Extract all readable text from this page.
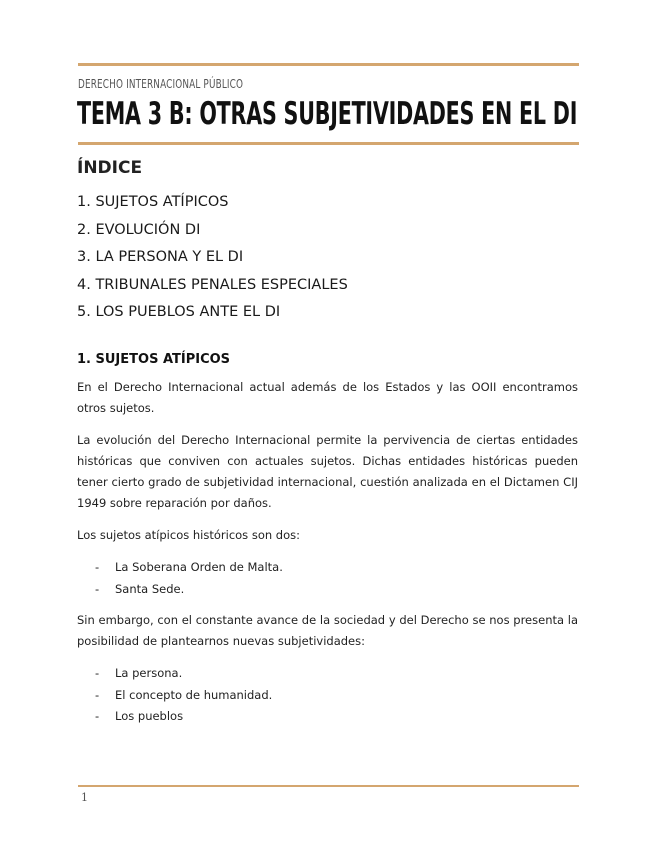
DERECHO INTERNACIONAL PÚBLICO
TEMA 3 B: OTRAS SUBJETIVIDADES EN EL DI
ÍNDICE
1. SUJETOS ATÍPICOS
2. EVOLUCIÓN DI
3. LA PERSONA Y EL DI
4. TRIBUNALES PENALES ESPECIALES
5. LOS PUEBLOS ANTE EL DI
1. SUJETOS ATÍPICOS

En el Derecho Internacional actual además de los Estados y las OOII encontramos otros sujetos.

La evolución del Derecho Internacional permite la pervivencia de ciertas entidades históricas que conviven con actuales sujetos. Dichas entidades históricas pueden tener cierto grado de subjetividad internacional, cuestión analizada en el Dictamen CIJ 1949 sobre reparación por daños.

Los sujetos atípicos históricos son dos:

- La Soberana Orden de Malta.
- Santa Sede.

Sin embargo, con el constante avance de la sociedad y del Derecho se nos presenta la posibilidad de plantearnos nuevas subjetividades:

- La persona.
- El concepto de humanidad.
- Los pueblos
1
